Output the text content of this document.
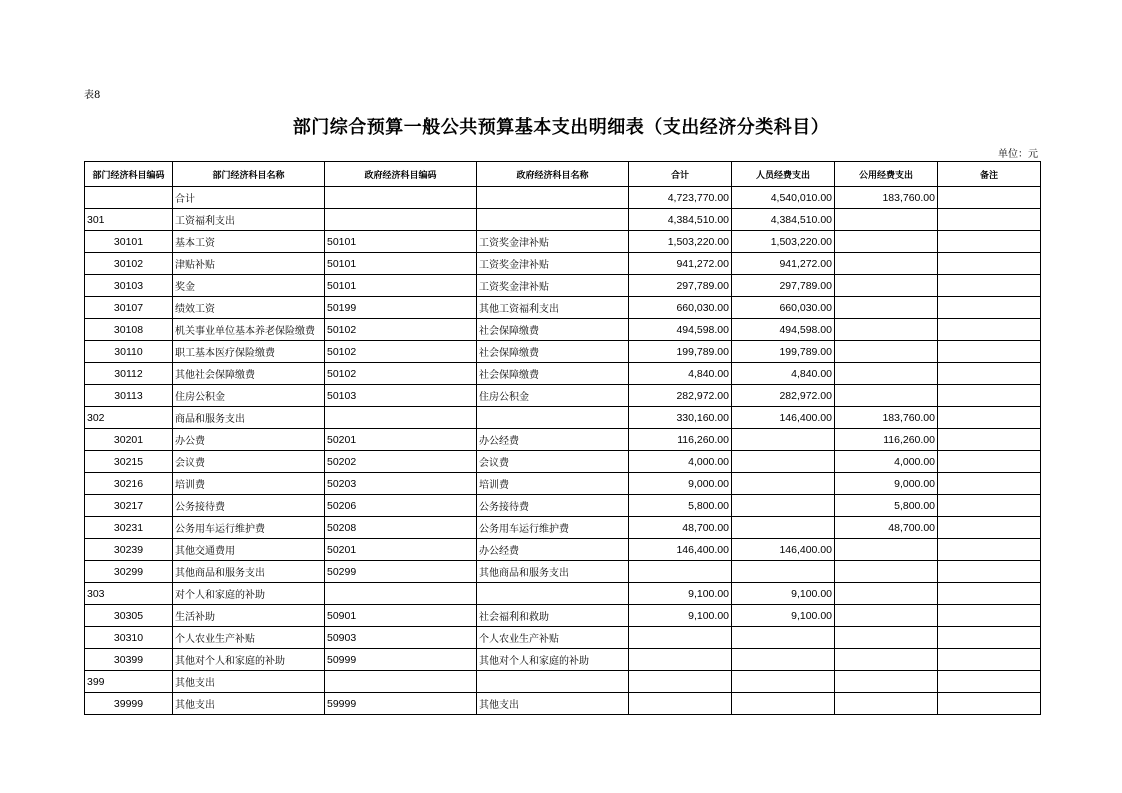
表8
部门综合预算一般公共预算基本支出明细表（支出经济分类科目）
单位：元
部门经济科目编码	部门经济科目名称	政府经济科目编码	政府经济科目名称	合计	人员经费支出	公用经费支出	备注
	合计			4,723,770.00	4,540,010.00	183,760.00	
301	工资福利支出			4,384,510.00	4,384,510.00		
30101	基本工资	50101	工资奖金津补贴	1,503,220.00	1,503,220.00		
30102	津贴补贴	50101	工资奖金津补贴	941,272.00	941,272.00		
30103	奖金	50101	工资奖金津补贴	297,789.00	297,789.00		
30107	绩效工资	50199	其他工资福利支出	660,030.00	660,030.00		
30108	机关事业单位基本养老保险缴费	50102	社会保障缴费	494,598.00	494,598.00		
30110	职工基本医疗保险缴费	50102	社会保障缴费	199,789.00	199,789.00		
30112	其他社会保障缴费	50102	社会保障缴费	4,840.00	4,840.00		
30113	住房公积金	50103	住房公积金	282,972.00	282,972.00		
302	商品和服务支出			330,160.00	146,400.00	183,760.00	
30201	办公费	50201	办公经费	116,260.00		116,260.00	
30215	会议费	50202	会议费	4,000.00		4,000.00	
30216	培训费	50203	培训费	9,000.00		9,000.00	
30217	公务接待费	50206	公务接待费	5,800.00		5,800.00	
30231	公务用车运行维护费	50208	公务用车运行维护费	48,700.00		48,700.00	
30239	其他交通费用	50201	办公经费	146,400.00	146,400.00		
30299	其他商品和服务支出	50299	其他商品和服务支出				
303	对个人和家庭的补助			9,100.00	9,100.00		
30305	生活补助	50901	社会福利和救助	9,100.00	9,100.00		
30310	个人农业生产补贴	50903	个人农业生产补贴				
30399	其他对个人和家庭的补助	50999	其他对个人和家庭的补助				
399	其他支出						
39999	其他支出	59999	其他支出				
